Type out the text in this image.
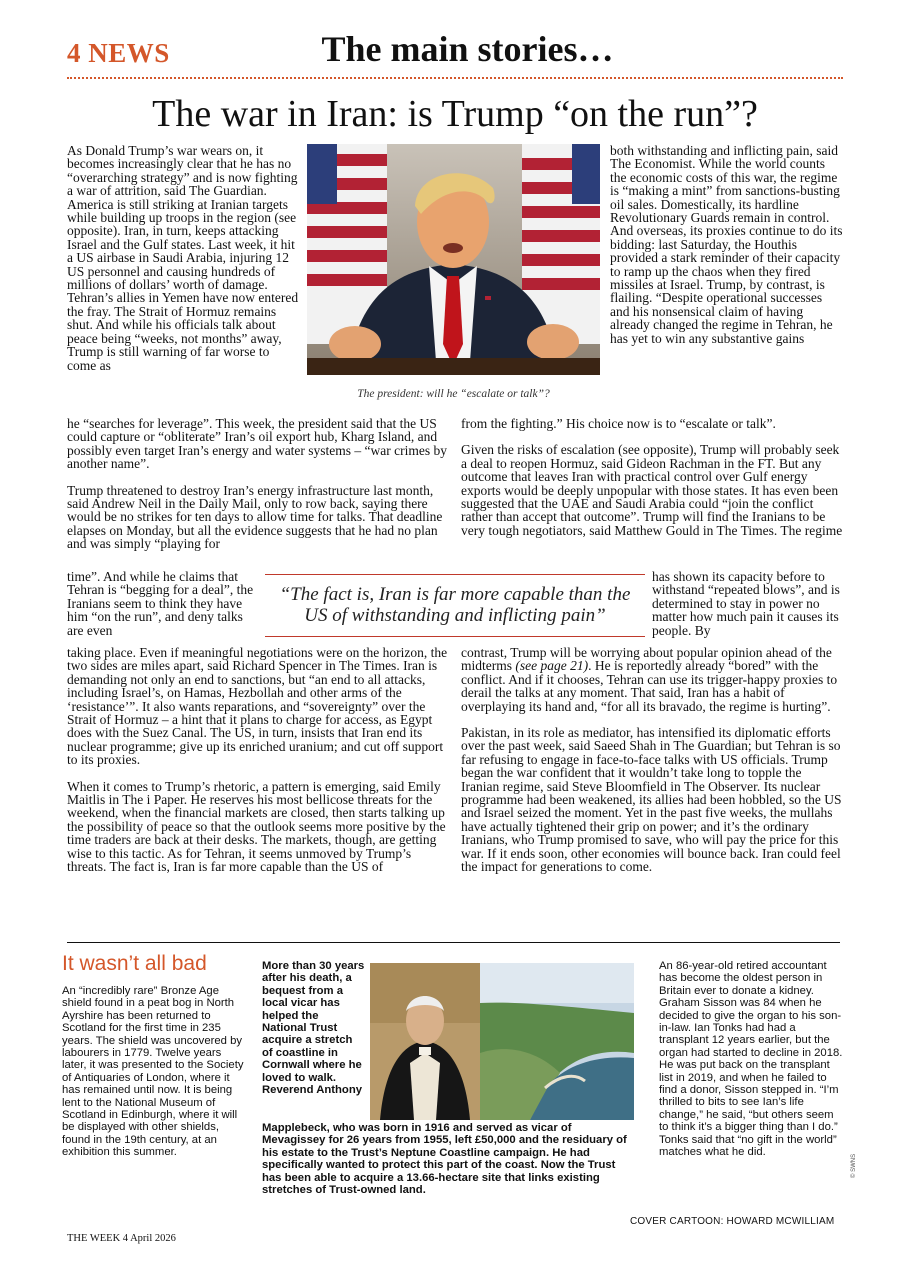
4 NEWS	The main stories…
The war in Iran: is Trump “on the run”?

As Donald Trump’s war wears on, it becomes increasingly clear that he has no “overarching strategy” and is now fighting a war of attrition, said The Guardian. America is still striking at Iranian targets while building up troops in the region (see opposite). Iran, in turn, keeps attacking Israel and the Gulf states. Last week, it hit a US airbase in Saudi Arabia, injuring 12 US personnel and causing hundreds of millions of dollars’ worth of damage. Tehran’s allies in Yemen have now entered the fray. The Strait of Hormuz remains shut. And while his officials talk about peace being “weeks, not months” away, Trump is still warning of far worse to come as

The president: will he “escalate or talk”?

both withstanding and inflicting pain, said The Economist. While the world counts the economic costs of this war, the regime is “making a mint” from sanctions-busting oil sales. Domestically, its hardline Revolutionary Guards remain in control. And overseas, its proxies continue to do its bidding: last Saturday, the Houthis provided a stark reminder of their capacity to ramp up the chaos when they fired missiles at Israel. Trump, by contrast, is flailing. “Despite operational successes and his nonsensical claim of having already changed the regime in Tehran, he has yet to win any substantive gains

he “searches for leverage”. This week, the president said that the US could capture or “obliterate” Iran’s oil export hub, Kharg Island, and possibly even target Iran’s energy and water systems – “war crimes by another name”.

Trump threatened to destroy Iran’s energy infrastructure last month, said Andrew Neil in the Daily Mail, only to row back, saying there would be no strikes for ten days to allow time for talks. That deadline elapses on Monday, but all the evidence suggests that he had no plan and was simply “playing for

time”. And while he claims that Tehran is “begging for a deal”, the Iranians seem to think they have him “on the run”, and deny talks are even

taking place. Even if meaningful negotiations were on the horizon, the two sides are miles apart, said Richard Spencer in The Times. Iran is demanding not only an end to sanctions, but “an end to all attacks, including Israel’s, on Hamas, Hezbollah and other arms of the ‘resistance’”. It also wants reparations, and “sovereignty” over the Strait of Hormuz – a hint that it plans to charge for access, as Egypt does with the Suez Canal. The US, in turn, insists that Iran end its nuclear programme; give up its enriched uranium; and cut off support to its proxies.

When it comes to Trump’s rhetoric, a pattern is emerging, said Emily Maitlis in The i Paper. He reserves his most bellicose threats for the weekend, when the financial markets are closed, then starts talking up the possibility of peace so that the outlook seems more positive by the time traders are back at their desks. The markets, though, are getting wise to this tactic. As for Tehran, it seems unmoved by Trump’s threats. The fact is, Iran is far more capable than the US of

from the fighting.” His choice now is to “escalate or talk”.

Given the risks of escalation (see opposite), Trump will probably seek a deal to reopen Hormuz, said Gideon Rachman in the FT. But any outcome that leaves Iran with practical control over Gulf energy exports would be deeply unpopular with those states. It has even been suggested that the UAE and Saudi Arabia could “join the conflict rather than accept that outcome”. Trump will find the Iranians to be very tough negotiators, said Matthew Gould in The Times. The regime

has shown its capacity before to withstand “repeated blows”, and is determined to stay in power no matter how much pain it causes its people. By

contrast, Trump will be worrying about popular opinion ahead of the midterms (see page 21). He is reportedly already “bored” with the conflict. And if it chooses, Tehran can use its trigger-happy proxies to derail the talks at any moment. That said, Iran has a habit of overplaying its hand and, “for all its bravado, the regime is hurting”.

Pakistan, in its role as mediator, has intensified its diplomatic efforts over the past week, said Saeed Shah in The Guardian; but Tehran is so far refusing to engage in face-to-face talks with US officials. Trump began the war confident that it wouldn’t take long to topple the Iranian regime, said Steve Bloomfield in The Observer. Its nuclear programme had been weakened, its allies had been hobbled, so the US and Israel seized the moment. Yet in the past five weeks, the mullahs have actually tightened their grip on power; and it’s the ordinary Iranians, who Trump promised to save, who will pay the price for this war. If it ends soon, other economies will bounce back. Iran could feel the impact for generations to come.

“The fact is, Iran is far more capable than the
US of withstanding and inflicting pain”
It wasn’t all bad
An “incredibly rare” Bronze Age shield found in a peat bog in North Ayrshire has been returned to Scotland for the first time in 235 years. The shield was uncovered by labourers in 1779. Twelve years later, it was presented to the Society of Antiquaries of London, where it has remained until now. It is being lent to the National Museum of Scotland in Edinburgh, where it will be displayed with other shields, found in the 19th century, at an exhibition this summer.
More than 30 years after his death, a bequest from a local vicar has helped the National Trust acquire a stretch of coastline in Cornwall where he loved to walk. Reverend Anthony
Mapplebeck, who was born in 1916 and served as vicar of Mevagissey for 26 years from 1955, left £50,000 and the residuary of his estate to the Trust’s Neptune Coastline campaign. He had specifically wanted to protect this part of the coast. Now the Trust has been able to acquire a 13.66-hectare site that links existing stretches of Trust-owned land.
An 86-year-old retired accountant has become the oldest person in Britain ever to donate a kidney. Graham Sisson was 84 when he decided to give the organ to his son-in-law. Ian Tonks had had a transplant 12 years earlier, but the organ had started to decline in 2018. He was put back on the transplant list in 2019, and when he failed to find a donor, Sisson stepped in. “I’m thrilled to bits to see Ian’s life change,” he said, “but others seem to think it’s a bigger thing than I do.” Tonks said that “no gift in the world” matches what he did.
© SWNS
COVER CARTOON: HOWARD MCWILLIAM
THE WEEK 4 April 2026
